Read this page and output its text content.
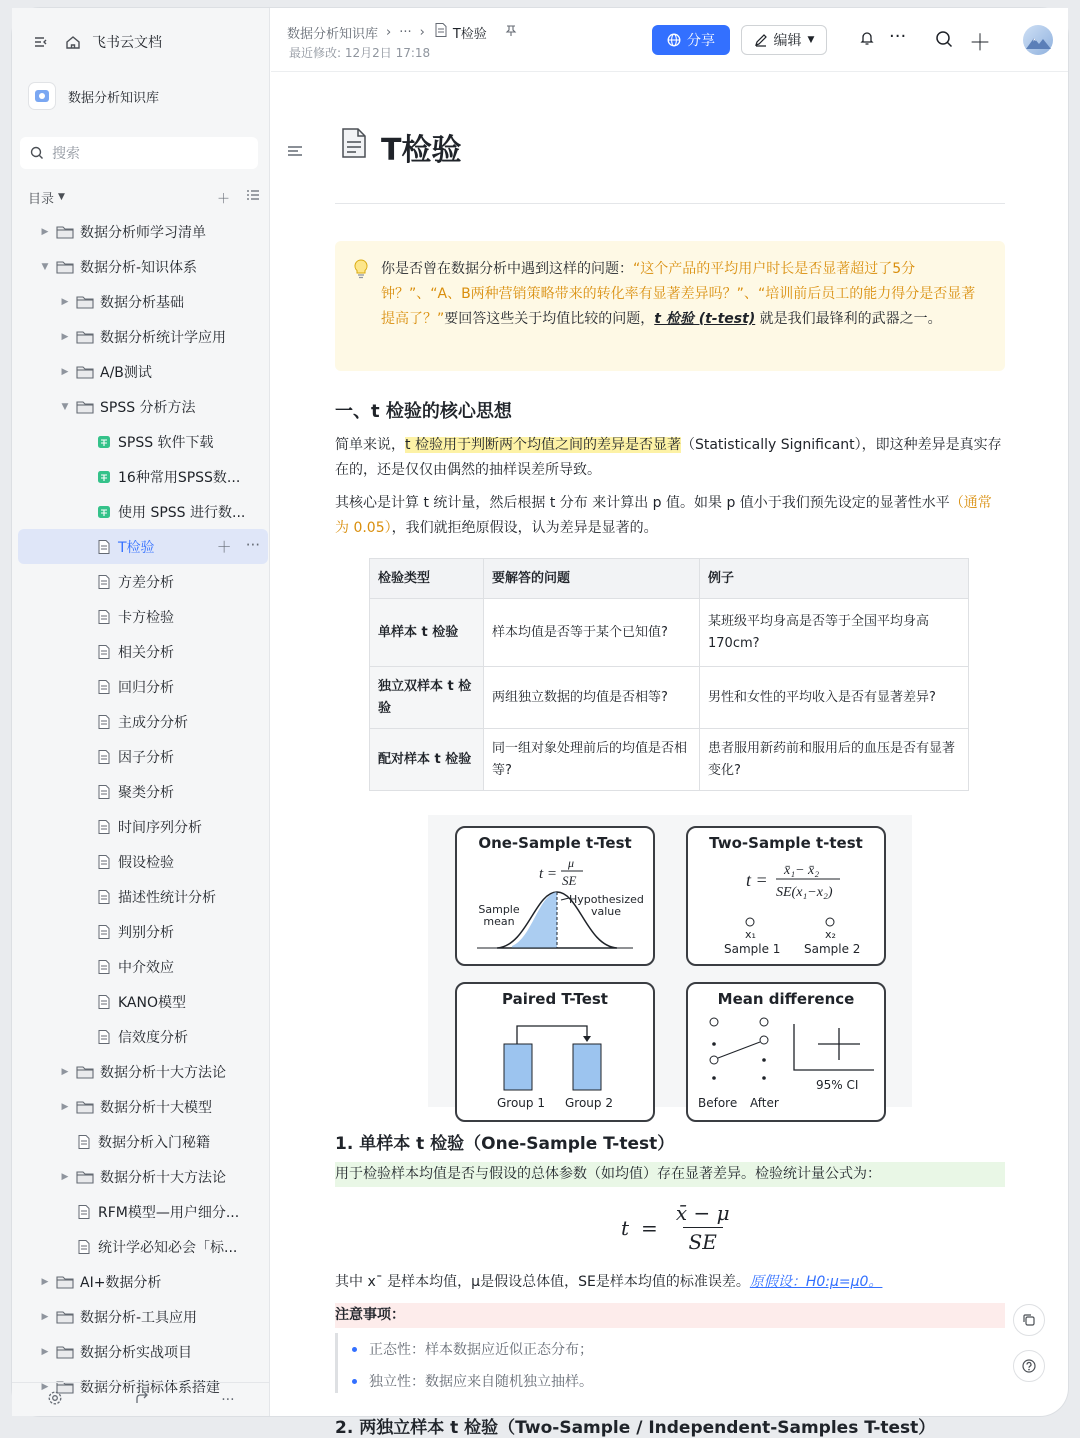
飞书云文档
数据分析知识库
搜索
目录 ▼	＋
▶ 数据分析师学习清单
▼ 数据分析-知识体系
▶ 数据分析基础
▶ 数据分析统计学应用
▶ A/B测试
▼ SPSS 分析方法
SPSS 软件下载
16种常用SPSS数...
使用 SPSS 进行数...
T检验	＋ ···
方差分析
卡方检验
相关分析
回归分析
主成分分析
因子分析
聚类分析
时间序列分析
假设检验
描述性统计分析
判别分析
中介效应
KANO模型
信效度分析
▶ 数据分析十大方法论
▶ 数据分析十大模型
数据分析入门秘籍
▶ 数据分析十大方法论
RFM模型—用户细分...
统计学必知必会「标...
▶ AI+数据分析
▶ 数据分析-工具应用
▶ 数据分析实战项目
▶ 数据分析指标体系搭建
···
数据分析知识库 › ··· › T检验
最近修改: 12月2日 17:18
分享	编辑 ▼	···	＋
T检验
你是否曾在数据分析中遇到这样的问题：“这个产品的平均用户时长是否显著超过了5分钟？”、“A、B两种营销策略带来的转化率有显著差异吗？”、“培训前后员工的能力得分是否显著提高了？”要回答这些关于均值比较的问题，t 检验 (t-test) 就是我们最锋利的武器之一。
一、t 检验的核心思想
简单来说，t 检验用于判断两个均值之间的差异是否显著（Statistically Significant），即这种差异是真实存在的，还是仅仅由偶然的抽样误差所导致。
其核心是计算 t 统计量，然后根据 t 分布 来计算出 p 值。如果 p 值小于我们预先设定的显著性水平（通常为 0.05），我们就拒绝原假设，认为差异是显著的。
检验类型	要解答的问题	例子
单样本 t 检验	样本均值是否等于某个已知值?	某班级平均身高是否等于全国平均身高 170cm?
独立双样本 t 检验	两组独立数据的均值是否相等?	男性和女性的平均收入是否有显著差异?
配对样本 t 检验	同一组对象处理前后的均值是否相等?	患者服用新药前和服用后的血压是否有显著变化?
One-Sample t-Test
t =
μ
SE
Sample mean
Hypothesized value
Two-Sample t-test
t = x̄₁− x̄₂
SE(x₁−x₂)
x₁	x₂
Sample 1 Sample 2
Paired T-Test
Group 1 Group 2
Mean difference
Before After
95% CI
1. 单样本 t 检验（One-Sample T-test）
用于检验样本均值是否与假设的总体参数（如均值）存在显著差异。检验统计量公式为：
$t = \frac{x̄ - \mu}{SE}$
其中 x¯ 是样本均值，μ是假设总体值，SE是样本均值的标准误差。原假设：H0:μ=μ0。
注意事项：
正态性：样本数据应近似正态分布；
独立性：数据应来自随机独立抽样。
2. 两独立样本 t 检验（Two-Sample / Independent-Samples T-test）
